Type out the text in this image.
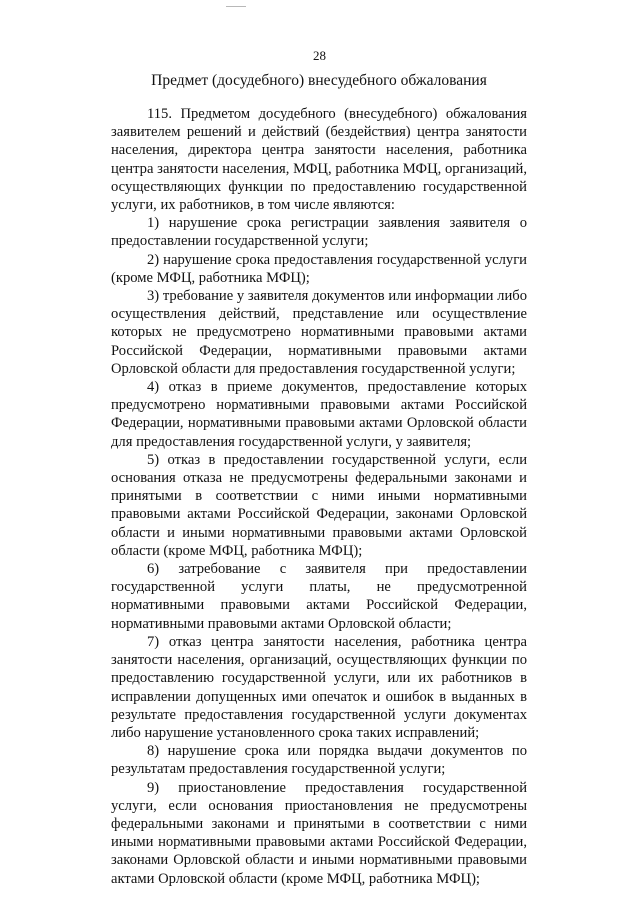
28
Предмет (досудебного) внесудебного обжалования

115. Предметом досудебного (внесудебного) обжалования заявителем решений и действий (бездействия) центра занятости населения, директора центра занятости населения, работника центра занятости населения, МФЦ, работника МФЦ, организаций, осуществляющих функции по предоставлению государственной услуги, их работников, в том числе являются:

1) нарушение срока регистрации заявления заявителя о предоставлении государственной услуги;

2) нарушение срока предоставления государственной услуги (кроме МФЦ, работника МФЦ);

3) требование у заявителя документов или информации либо осуществления действий, представление или осуществление которых не предусмотрено нормативными правовыми актами Российской Федерации, нормативными правовыми актами Орловской области для предоставления государственной услуги;

4) отказ в приеме документов, предоставление которых предусмотрено нормативными правовыми актами Российской Федерации, нормативными правовыми актами Орловской области для предоставления государственной услуги, у заявителя;

5) отказ в предоставлении государственной услуги, если основания отказа не предусмотрены федеральными законами и принятыми в соответствии с ними иными нормативными правовыми актами Российской Федерации, законами Орловской области и иными нормативными правовыми актами Орловской области (кроме МФЦ, работника МФЦ);

6) затребование с заявителя при предоставлении государственной услуги платы, не предусмотренной нормативными правовыми актами Российской Федерации, нормативными правовыми актами Орловской области;

7) отказ центра занятости населения, работника центра занятости населения, организаций, осуществляющих функции по предоставлению государственной услуги, или их работников в исправлении допущенных ими опечаток и ошибок в выданных в результате предоставления государственной услуги документах либо нарушение установленного срока таких исправлений;

8) нарушение срока или порядка выдачи документов по результатам предоставления государственной услуги;

9) приостановление предоставления государственной услуги, если основания приостановления не предусмотрены федеральными законами и принятыми в соответствии с ними иными нормативными правовыми актами Российской Федерации, законами Орловской области и иными нормативными правовыми актами Орловской области (кроме МФЦ, работника МФЦ);
